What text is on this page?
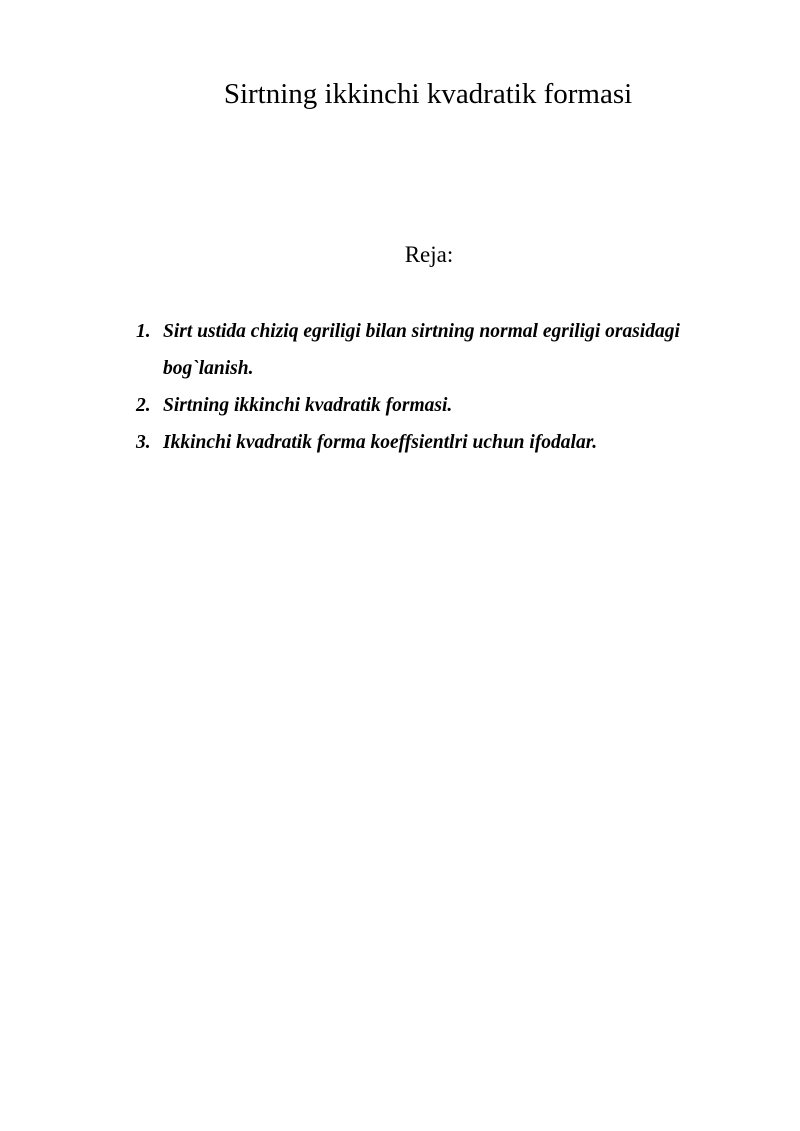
Sirtning ikkinchi kvadratik formasi
Reja:
1. Sirt ustida chiziq egriligi bilan sirtning normal egriligi orasidagi bog`lanish.
2. Sirtning ikkinchi kvadratik formasi.
3. Ikkinchi kvadratik forma koeffsientlri uchun ifodalar.
